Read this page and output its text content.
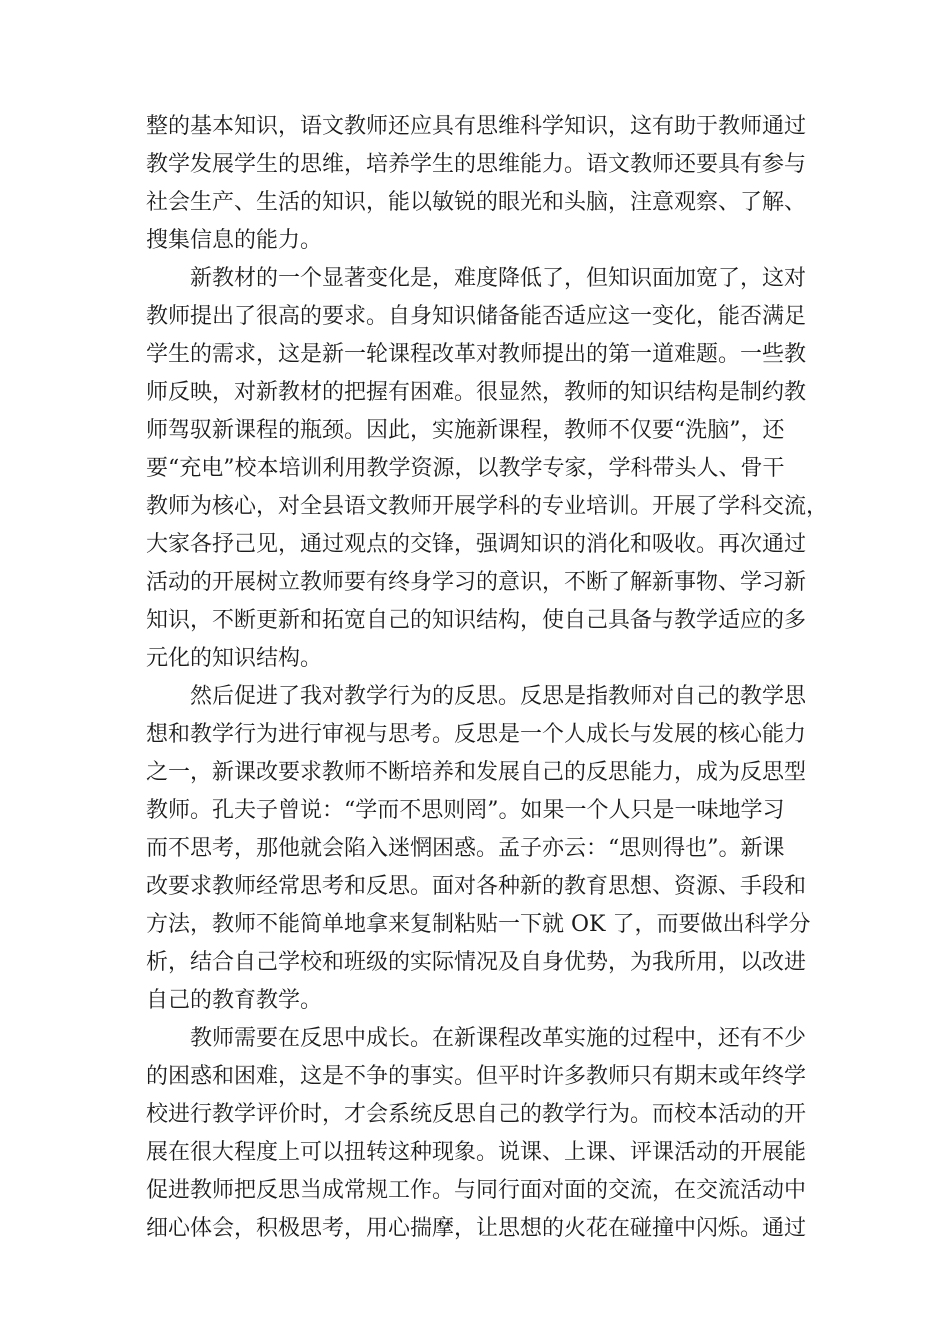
整的基本知识，语文教师还应具有思维科学知识，这有助于教师通过
教学发展学生的思维，培养学生的思维能力。语文教师还要具有参与
社会生产、生活的知识，能以敏锐的眼光和头脑，注意观察、了解、
搜集信息的能力。
新教材的一个显著变化是，难度降低了，但知识面加宽了，这对
教师提出了很高的要求。自身知识储备能否适应这一变化，能否满足
学生的需求，这是新一轮课程改革对教师提出的第一道难题。一些教
师反映，对新教材的把握有困难。很显然，教师的知识结构是制约教
师驾驭新课程的瓶颈。因此，实施新课程，教师不仅要“洗脑”，还
要“充电”校本培训利用教学资源，以教学专家，学科带头人、骨干
教师为核心，对全县语文教师开展学科的专业培训。开展了学科交流，
大家各抒己见，通过观点的交锋，强调知识的消化和吸收。再次通过
活动的开展树立教师要有终身学习的意识，不断了解新事物、学习新
知识，不断更新和拓宽自己的知识结构，使自己具备与教学适应的多
元化的知识结构。
然后促进了我对教学行为的反思。反思是指教师对自己的教学思
想和教学行为进行审视与思考。反思是一个人成长与发展的核心能力
之一，新课改要求教师不断培养和发展自己的反思能力，成为反思型
教师。孔夫子曾说：“学而不思则罔”。如果一个人只是一味地学习
而不思考，那他就会陷入迷惘困惑。孟子亦云：“思则得也”。新课
改要求教师经常思考和反思。面对各种新的教育思想、资源、手段和
方法，教师不能简单地拿来复制粘贴一下就 OK 了，而要做出科学分
析，结合自己学校和班级的实际情况及自身优势，为我所用，以改进
自己的教育教学。
教师需要在反思中成长。在新课程改革实施的过程中，还有不少
的困惑和困难，这是不争的事实。但平时许多教师只有期末或年终学
校进行教学评价时，才会系统反思自己的教学行为。而校本活动的开
展在很大程度上可以扭转这种现象。说课、上课、评课活动的开展能
促进教师把反思当成常规工作。与同行面对面的交流，在交流活动中
细心体会，积极思考，用心揣摩，让思想的火花在碰撞中闪烁。通过
